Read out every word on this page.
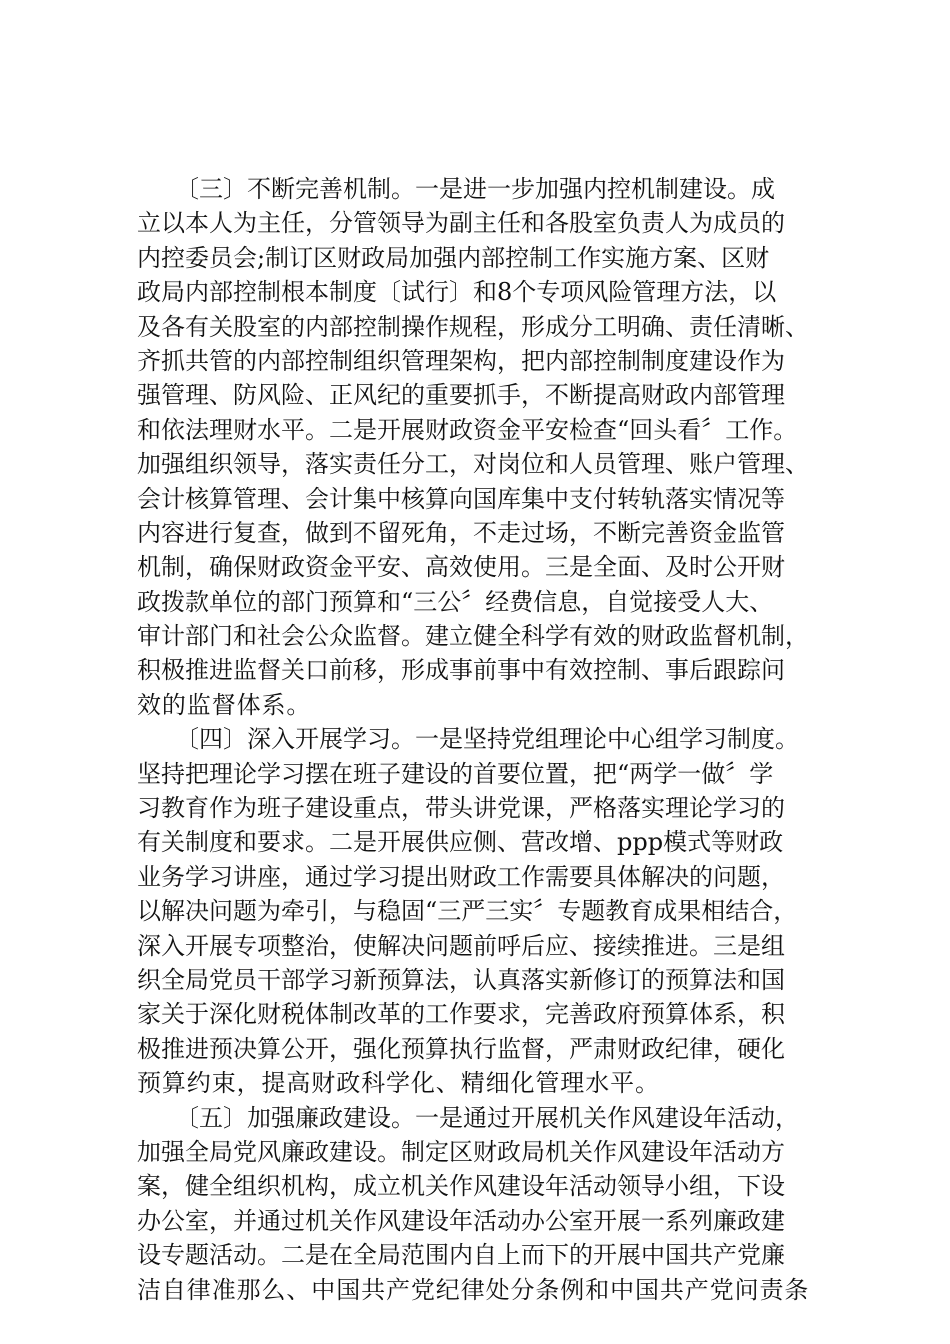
〔三〕不断完善机制。一是进一步加强内控机制建设。成
立以本人为主任，分管领导为副主任和各股室负责人为成员的
内控委员会;制订区财政局加强内部控制工作实施方案、区财
政局内部控制根本制度〔试行〕和8个专项风险管理方法，以
及各有关股室的内部控制操作规程，形成分工明确、责任清晰、
齐抓共管的内部控制组织管理架构，把内部控制制度建设作为
强管理、防风险、正风纪的重要抓手，不断提高财政内部管理
和依法理财水平。二是开展财政资金平安检查“回头看〞工作。
加强组织领导，落实责任分工，对岗位和人员管理、账户管理、
会计核算管理、会计集中核算向国库集中支付转轨落实情况等
内容进行复查，做到不留死角，不走过场，不断完善资金监管
机制，确保财政资金平安、高效使用。三是全面、及时公开财
政拨款单位的部门预算和“三公〞经费信息，自觉接受人大、
审计部门和社会公众监督。建立健全科学有效的财政监督机制，
积极推进监督关口前移，形成事前事中有效控制、事后跟踪问
效的监督体系。
〔四〕深入开展学习。一是坚持党组理论中心组学习制度。
坚持把理论学习摆在班子建设的首要位置，把“两学一做〞学
习教育作为班子建设重点，带头讲党课，严格落实理论学习的
有关制度和要求。二是开展供应侧、营改增、ppp模式等财政
业务学习讲座，通过学习提出财政工作需要具体解决的问题，
以解决问题为牵引，与稳固“三严三实〞专题教育成果相结合，
深入开展专项整治，使解决问题前呼后应、接续推进。三是组
织全局党员干部学习新预算法，认真落实新修订的预算法和国
家关于深化财税体制改革的工作要求，完善政府预算体系，积
极推进预决算公开，强化预算执行监督，严肃财政纪律，硬化
预算约束，提高财政科学化、精细化管理水平。
〔五〕加强廉政建设。一是通过开展机关作风建设年活动，
加强全局党风廉政建设。制定区财政局机关作风建设年活动方
案，健全组织机构，成立机关作风建设年活动领导小组，下设
办公室，并通过机关作风建设年活动办公室开展一系列廉政建
设专题活动。二是在全局范围内自上而下的开展中国共产党廉
洁自律准那么、中国共产党纪律处分条例和中国共产党问责条
